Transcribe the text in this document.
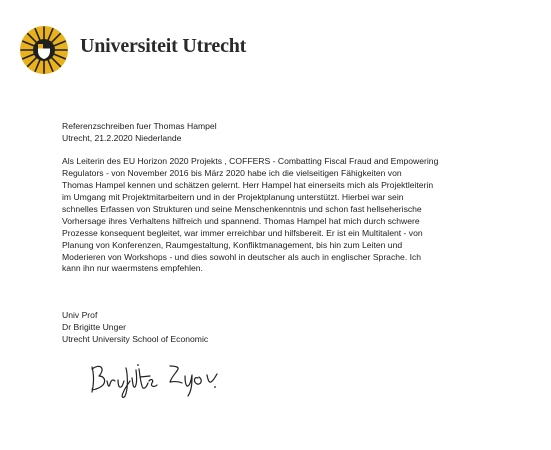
Universiteit Utrecht
Referenzschreiben fuer Thomas Hampel
Utrecht, 21.2.2020 Niederlande
Als Leiterin des EU Horizon 2020 Projekts , COFFERS - Combatting Fiscal Fraud and Empowering
Regulators - von November 2016 bis März 2020 habe ich die vielseitigen Fähigkeiten von
Thomas Hampel kennen und schätzen gelernt. Herr Hampel hat einerseits mich als Projektleiterin
im Umgang mit Projektmitarbeitern und in der Projektplanung unterstützt. Hierbei war sein
schnelles Erfassen von Strukturen und seine Menschenkenntnis und schon fast hellseherische
Vorhersage ihres Verhaltens hilfreich und spannend. Thomas Hampel hat mich durch schwere
Prozesse konsequent begleitet, war immer erreichbar und hilfsbereit. Er ist ein Multitalent - von
Planung von Konferenzen, Raumgestaltung, Konfliktmanagement, bis hin zum Leiten und
Moderieren von Workshops - und dies sowohl in deutscher als auch in englischer Sprache. Ich
kann ihn nur waermstens empfehlen.
Univ Prof
Dr Brigitte Unger
Utrecht University School of Economic
